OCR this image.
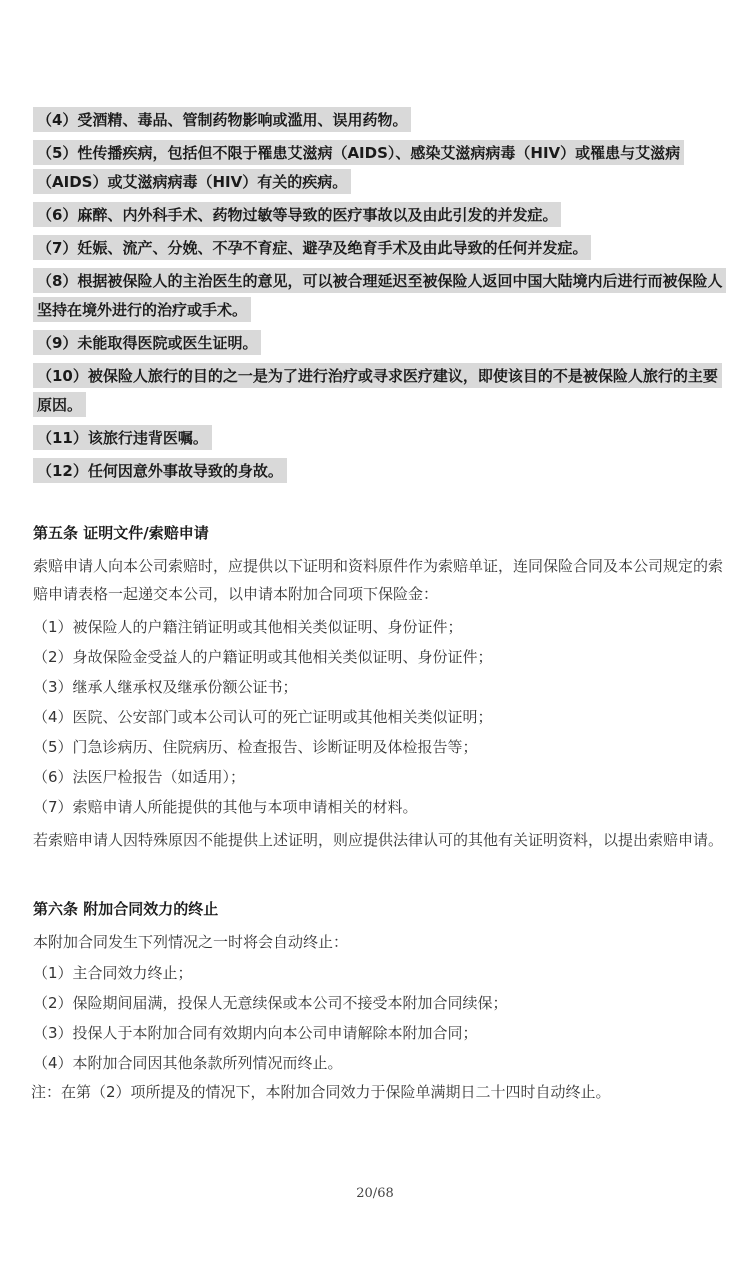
（4）受酒精、毒品、管制药物影响或滥用、误用药物。

（5）性传播疾病，包括但不限于罹患艾滋病（AIDS）、感染艾滋病病毒（HIV）或罹患与艾滋病（AIDS）或艾滋病病毒（HIV）有关的疾病。

（6）麻醉、内外科手术、药物过敏等导致的医疗事故以及由此引发的并发症。

（7）妊娠、流产、分娩、不孕不育症、避孕及绝育手术及由此导致的任何并发症。

（8）根据被保险人的主治医生的意见，可以被合理延迟至被保险人返回中国大陆境内后进行而被保险人坚持在境外进行的治疗或手术。

（9）未能取得医院或医生证明。

（10）被保险人旅行的目的之一是为了进行治疗或寻求医疗建议，即使该目的不是被保险人旅行的主要原因。

（11）该旅行违背医嘱。

（12）任何因意外事故导致的身故。

第五条 证明文件/索赔申请

索赔申请人向本公司索赔时，应提供以下证明和资料原件作为索赔单证，连同保险合同及本公司规定的索赔申请表格一起递交本公司，以申请本附加合同项下保险金：

（1）被保险人的户籍注销证明或其他相关类似证明、身份证件；

（2）身故保险金受益人的户籍证明或其他相关类似证明、身份证件；

（3）继承人继承权及继承份额公证书；

（4）医院、公安部门或本公司认可的死亡证明或其他相关类似证明；

（5）门急诊病历、住院病历、检查报告、诊断证明及体检报告等；

（6）法医尸检报告（如适用）；

（7）索赔申请人所能提供的其他与本项申请相关的材料。

若索赔申请人因特殊原因不能提供上述证明，则应提供法律认可的其他有关证明资料，以提出索赔申请。

第六条 附加合同效力的终止

本附加合同发生下列情况之一时将会自动终止：

（1）主合同效力终止；

（2）保险期间届满，投保人无意续保或本公司不接受本附加合同续保；

（3）投保人于本附加合同有效期内向本公司申请解除本附加合同；

（4）本附加合同因其他条款所列情况而终止。

注：在第（2）项所提及的情况下，本附加合同效力于保险单满期日二十四时自动终止。

20/68
